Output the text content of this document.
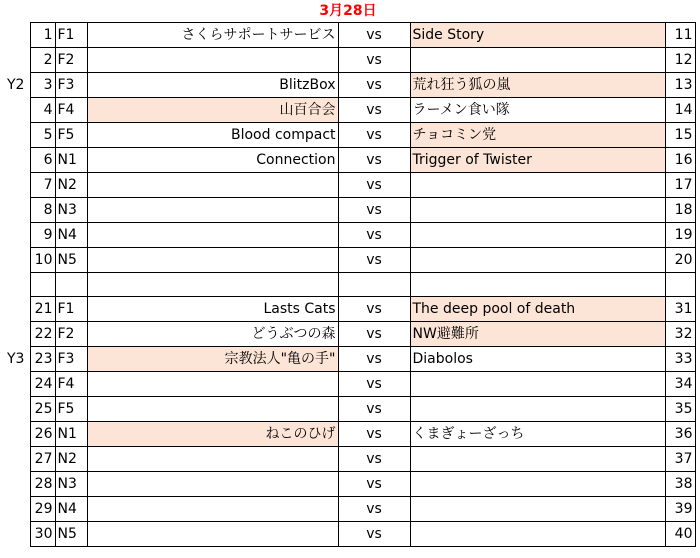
3月28日
	1	F1	さくらサポートサービス	vs	Side Story	11
	2	F2		vs		12
Y2	3	F3	BlitzBox	vs	荒れ狂う狐の嵐	13
	4	F4	山百合会	vs	ラーメン食い隊	14
	5	F5	Blood compact	vs	チョコミン党	15
	6	N1	Connection	vs	Trigger of Twister	16
	7	N2		vs		17
	8	N3		vs		18
	9	N4		vs		19
	10	N5		vs		20

	21	F1	Lasts Cats	vs	The deep pool of death	31
	22	F2	どうぶつの森	vs	NW避難所	32
Y3	23	F3	宗教法人"亀の手"	vs	Diabolos	33
	24	F4		vs		34
	25	F5		vs		35
	26	N1	ねこのひげ	vs	くまぎょーざっち	36
	27	N2		vs		37
	28	N3		vs		38
	29	N4		vs		39
	30	N5		vs		40
